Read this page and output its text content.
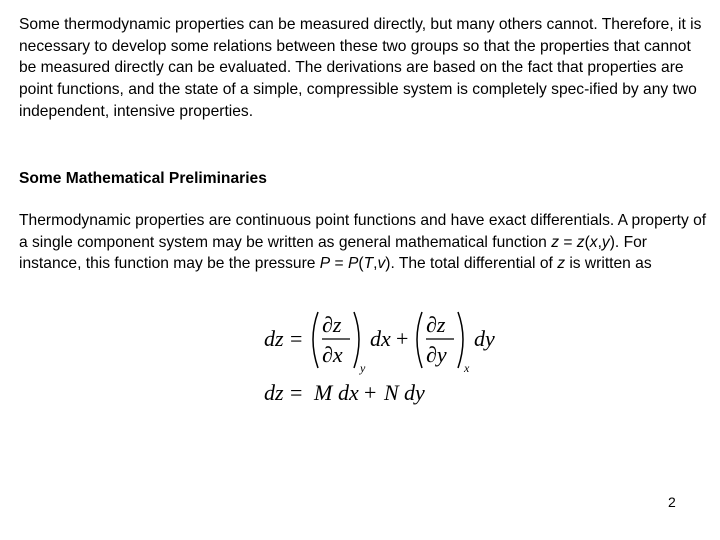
Some thermodynamic properties can be measured directly, but many others cannot. Therefore, it is necessary to develop some relations between these two groups so that the properties that cannot be measured directly can be evaluated. The derivations are based on the fact that properties are point functions, and the state of a simple, compressible system is completely spec-ified by any two independent, intensive properties.

Some Mathematical Preliminaries

Thermodynamic properties are continuous point functions and have exact differentials. A property of a single component system may be written as general mathematical function z = z(x,y). For instance, this function may be the pressure P = P(T,v). The total differential of z is written as

dz =
∂z
∂x
y
dx +
∂z
∂y
x
dy
dz = M dx + N dy
2
